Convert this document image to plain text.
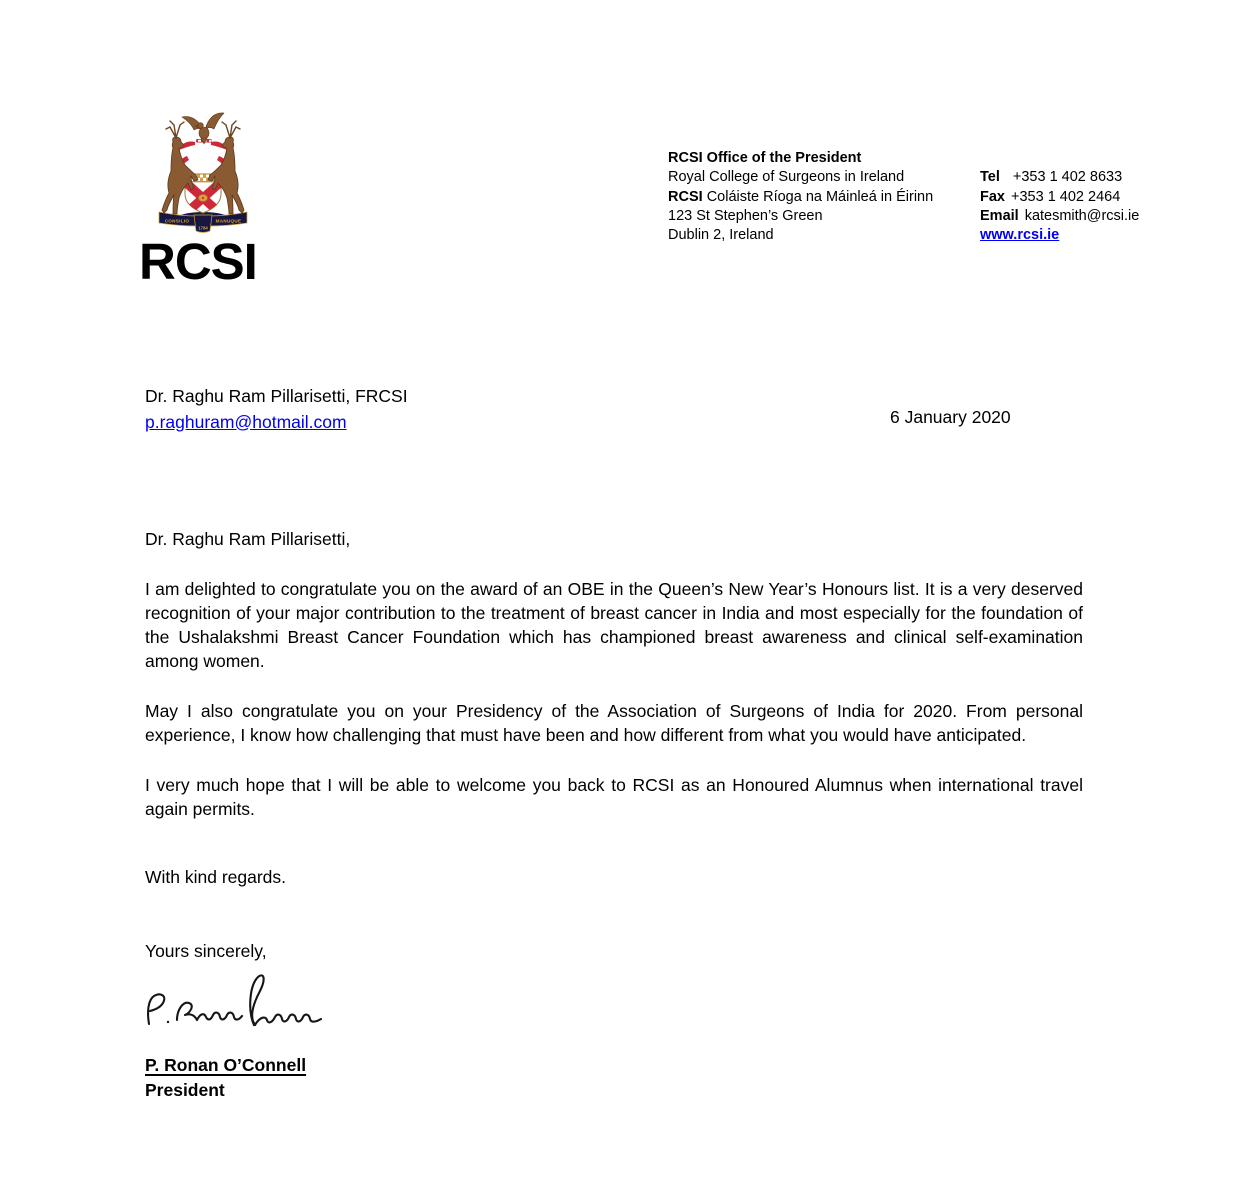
CONSILIO	MANUQUE
1784
RCSI
RCSI Office of the President
Royal College of Surgeons in Ireland	Tel +353 1 402 8633
RCSI Coláiste Ríoga na Máinleá in Éirinn	Fax +353 1 402 2464
123 St Stephen’s Green	Email katesmith@rcsi.ie
Dublin 2, Ireland	www.rcsi.ie
Dr. Raghu Ram Pillarisetti, FRCSI
p.raghuram@hotmail.com	6 January 2020

Dr. Raghu Ram Pillarisetti,

I am delighted to congratulate you on the award of an OBE in the Queen’s New Year’s Honours list. It is a very deserved recognition of your major contribution to the treatment of breast cancer in India and most especially for the foundation of the Ushalakshmi Breast Cancer Foundation which has championed breast awareness and clinical self-examination among women.

May I also congratulate you on your Presidency of the Association of Surgeons of India for 2020. From personal experience, I know how challenging that must have been and how different from what you would have anticipated.

I very much hope that I will be able to welcome you back to RCSI as an Honoured Alumnus when international travel again permits.

With kind regards.

Yours sincerely,

P. Ronan O’Connell
President
